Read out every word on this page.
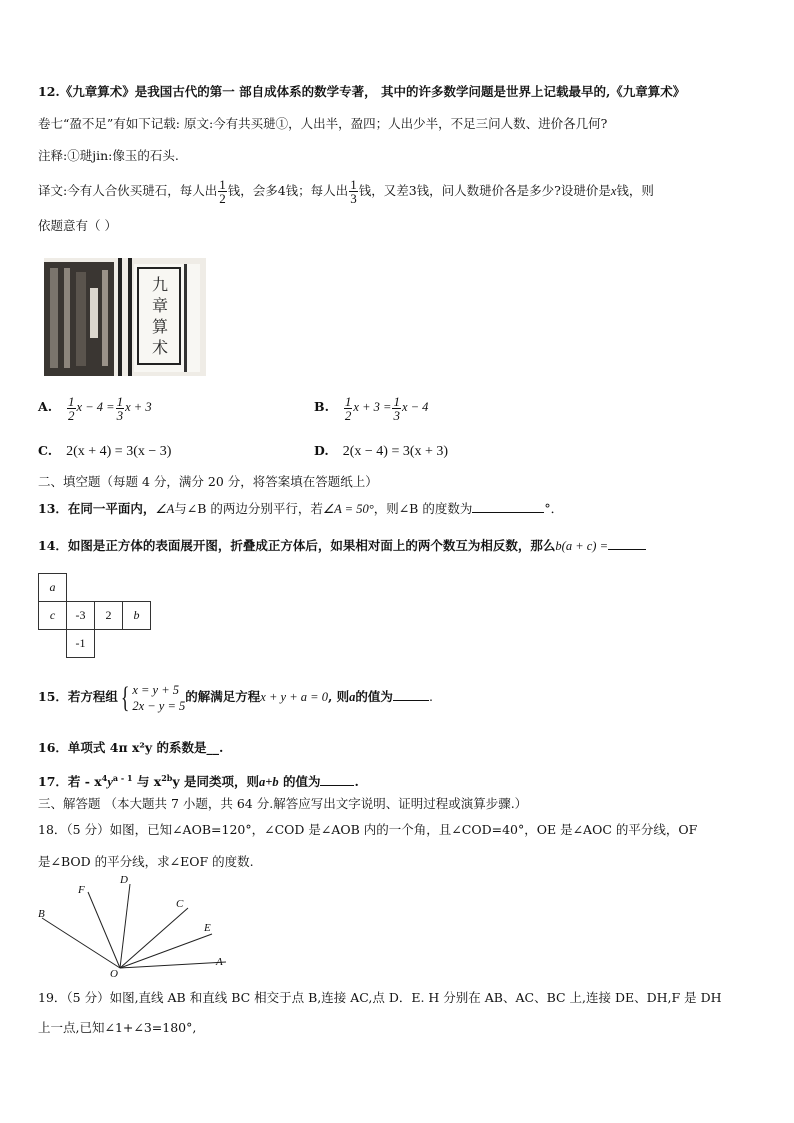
12.《九章算术》是我国古代的第一 部自成体系的数学专著， 其中的许多数学问题是世界上记载最早的,《九章算术》
卷七“盈不足”有如下记载: 原文:今有共买琎①，人出半，盈四；人出少半，不足三问人数、进价各几何?
注释:①琎jin:像玉的石头.
译文:今有人合伙买琎石，每人出 $\frac{1}{2}$ 钱，会多4钱；每人出 $\frac{1}{3}$ 钱，又差3钱，问人数琎价各是多少?设琎价是x钱，则
依题意有（ ）
九
章
算
术
A. $\frac{1}{2}$ $x - 4 = \frac{1}{3}$ x + 3	B. $\frac{1}{2}$ $x + 3 = \frac{1}{3}$ x − 4
C. 2(x + 4) = 3(x − 3)	D. 2(x − 4) = 3(x + 3)
二、填空题（每题 4 分，满分 20 分，将答案填在答题纸上）
13．在同一平面内，∠A与∠B 的两边分别平行，若∠A = 50°，则∠B 的度数为	°．
14．如图是正方体的表面展开图，折叠成正方体后，如果相对面上的两个数互为相反数，那么b(a + c) =
a
c	-3	2	b
-1
15．若方程组{ x = y + 5
2x − y = 5
的解满足方程x + y + a = 0, 则a的值为	.
16．单项式 4π x²y 的系数是__.
17．若 - $x^4y^{a - 1}$ 与 $x^{2b}y$ 是同类项，则a+b 的值为	.
三、解答题 （本大题共 7 小题，共 64 分.解答应写出文字说明、证明过程或演算步骤.）
18．（5 分）如图，已知∠AOB=120°，∠COD 是∠AOB 内的一个角，且∠COD=40°，OE 是∠AOC 的平分线，OF
是∠BOD 的平分线，求∠EOF 的度数.
B
F
D
C
E
A
O
19．（5 分）如图,直线 AB 和直线 BC 相交于点 B,连接 AC,点 D．E. H 分别在 AB、AC、BC 上,连接 DE、DH,F 是 DH
上一点,已知∠1+∠3=180°,
